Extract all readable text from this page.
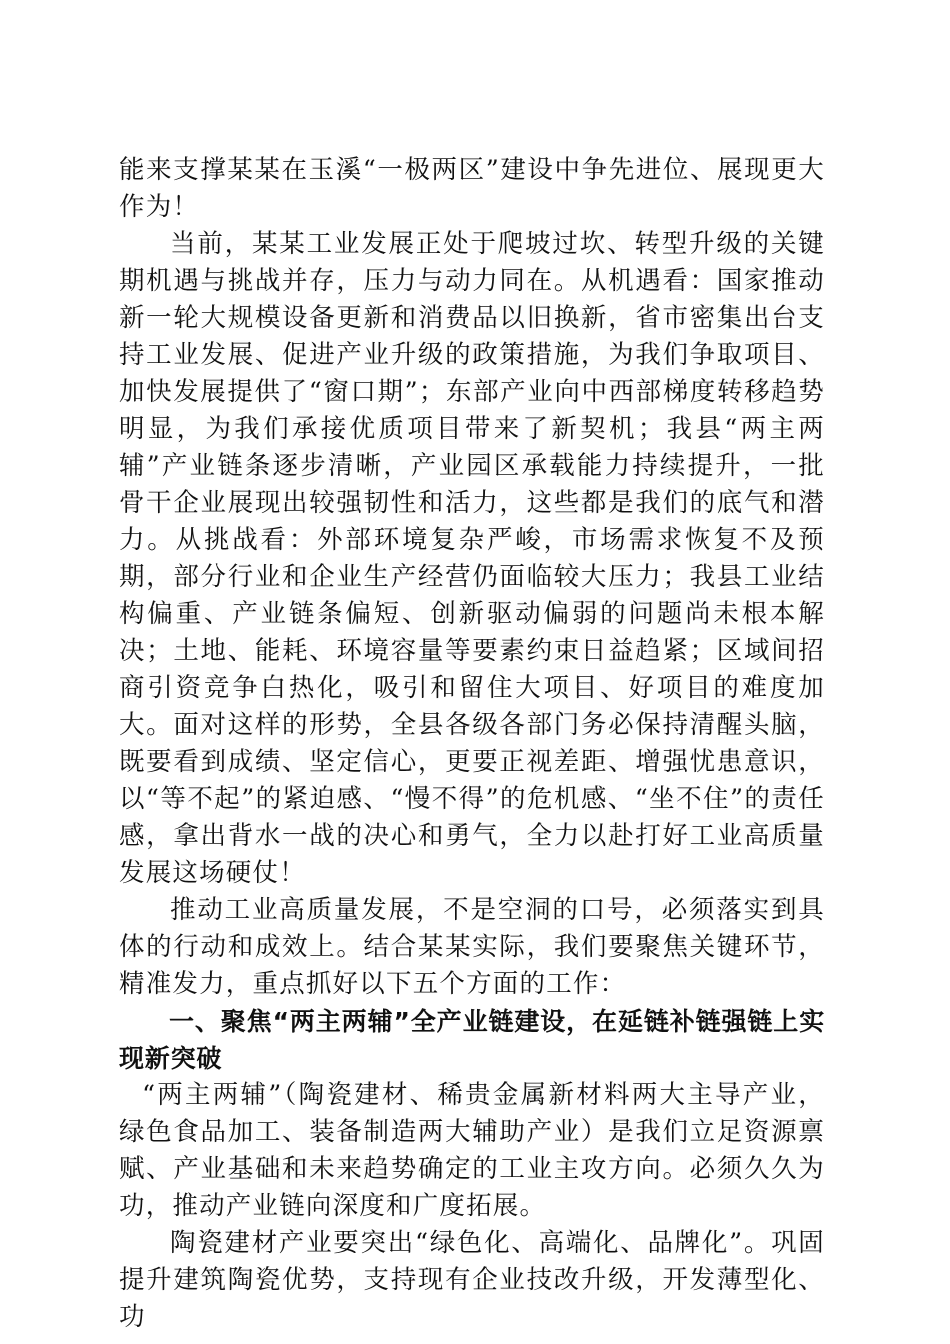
能来支撑某某在玉溪“一极两区”建设中争先进位、展现更大作为！

当前，某某工业发展正处于爬坡过坎、转型升级的关键期机遇与挑战并存，压力与动力同在。从机遇看：国家推动新一轮大规模设备更新和消费品以旧换新，省市密集出台支持工业发展、促进产业升级的政策措施，为我们争取项目、加快发展提供了“窗口期”；东部产业向中西部梯度转移趋势明显，为我们承接优质项目带来了新契机；我县“两主两辅”产业链条逐步清晰，产业园区承载能力持续提升，一批骨干企业展现出较强韧性和活力，这些都是我们的底气和潜力。从挑战看：外部环境复杂严峻，市场需求恢复不及预期，部分行业和企业生产经营仍面临较大压力；我县工业结构偏重、产业链条偏短、创新驱动偏弱的问题尚未根本解决；土地、能耗、环境容量等要素约束日益趋紧；区域间招商引资竞争白热化，吸引和留住大项目、好项目的难度加大。面对这样的形势，全县各级各部门务必保持清醒头脑，既要看到成绩、坚定信心，更要正视差距、增强忧患意识，以“等不起”的紧迫感、“慢不得”的危机感、“坐不住”的责任感，拿出背水一战的决心和勇气，全力以赴打好工业高质量发展这场硬仗！

推动工业高质量发展，不是空洞的口号，必须落实到具体的行动和成效上。结合某某实际，我们要聚焦关键环节，精准发力，重点抓好以下五个方面的工作：

一、聚焦“两主两辅”全产业链建设，在延链补链强链上实现新突破

“两主两辅”（陶瓷建材、稀贵金属新材料两大主导产业，绿色食品加工、装备制造两大辅助产业）是我们立足资源禀赋、产业基础和未来趋势确定的工业主攻方向。必须久久为功，推动产业链向深度和广度拓展。

陶瓷建材产业要突出“绿色化、高端化、品牌化”。巩固提升建筑陶瓷优势，支持现有企业技改升级，开发薄型化、功
